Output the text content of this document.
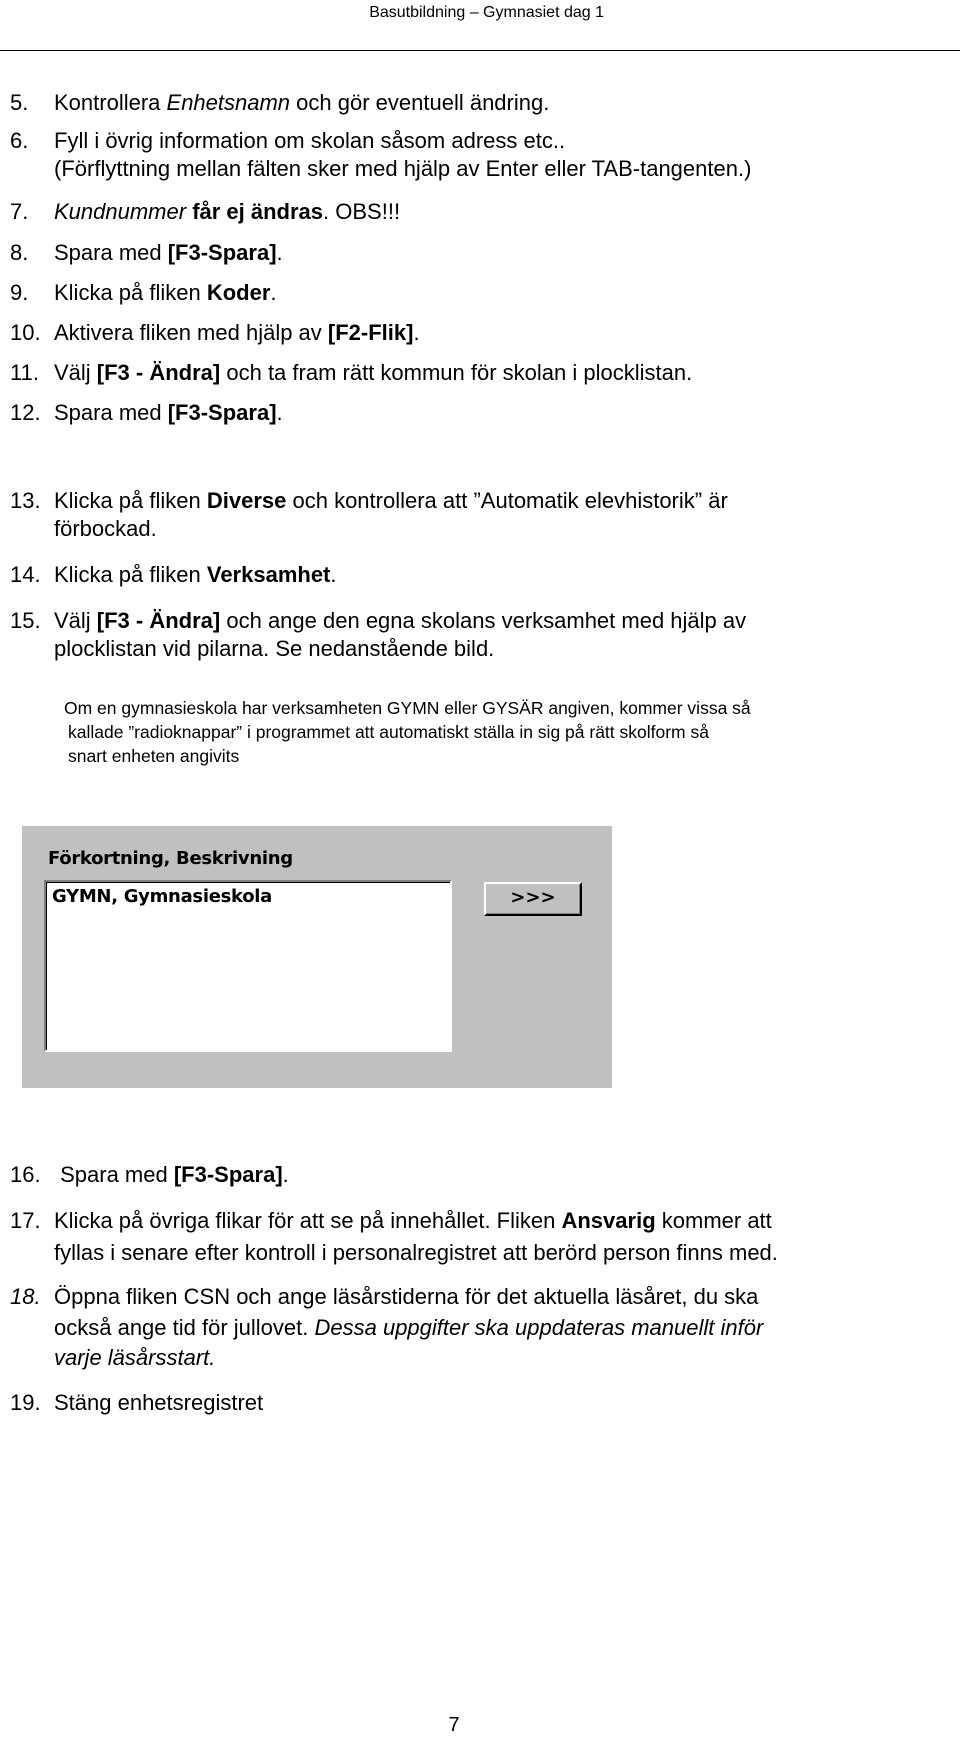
Basutbildning – Gymnasiet dag 1
5. Kontrollera Enhetsnamn och gör eventuell ändring.
6. Fyll i övrig information om skolan såsom adress etc..
(Förflyttning mellan fälten sker med hjälp av Enter eller TAB-tangenten.)
7. Kundnummer får ej ändras. OBS!!!
8. Spara med [F3-Spara].
9. Klicka på fliken Koder.
10. Aktivera fliken med hjälp av [F2-Flik].
11. Välj [F3 - Ändra] och ta fram rätt kommun för skolan i plocklistan.
12. Spara med [F3-Spara].
13. Klicka på fliken Diverse och kontrollera att ”Automatik elevhistorik” är
förbockad.
14. Klicka på fliken Verksamhet.
15. Välj [F3 - Ändra] och ange den egna skolans verksamhet med hjälp av
plocklistan vid pilarna. Se nedanstående bild.
Om en gymnasieskola har verksamheten GYMN eller GYSÄR angiven, kommer vissa så
kallade ”radioknappar” i programmet att automatiskt ställa in sig på rätt skolform så
snart enheten angivits
Förkortning, Beskrivning
GYMN, Gymnasieskola	>>>
16. Spara med [F3-Spara].
17. Klicka på övriga flikar för att se på innehållet. Fliken Ansvarig kommer att
fyllas i senare efter kontroll i personalregistret att berörd person finns med.
18. Öppna fliken CSN och ange läsårstiderna för det aktuella läsåret, du ska
också ange tid för jullovet. Dessa uppgifter ska uppdateras manuellt inför
varje läsårsstart.
19. Stäng enhetsregistret
7
